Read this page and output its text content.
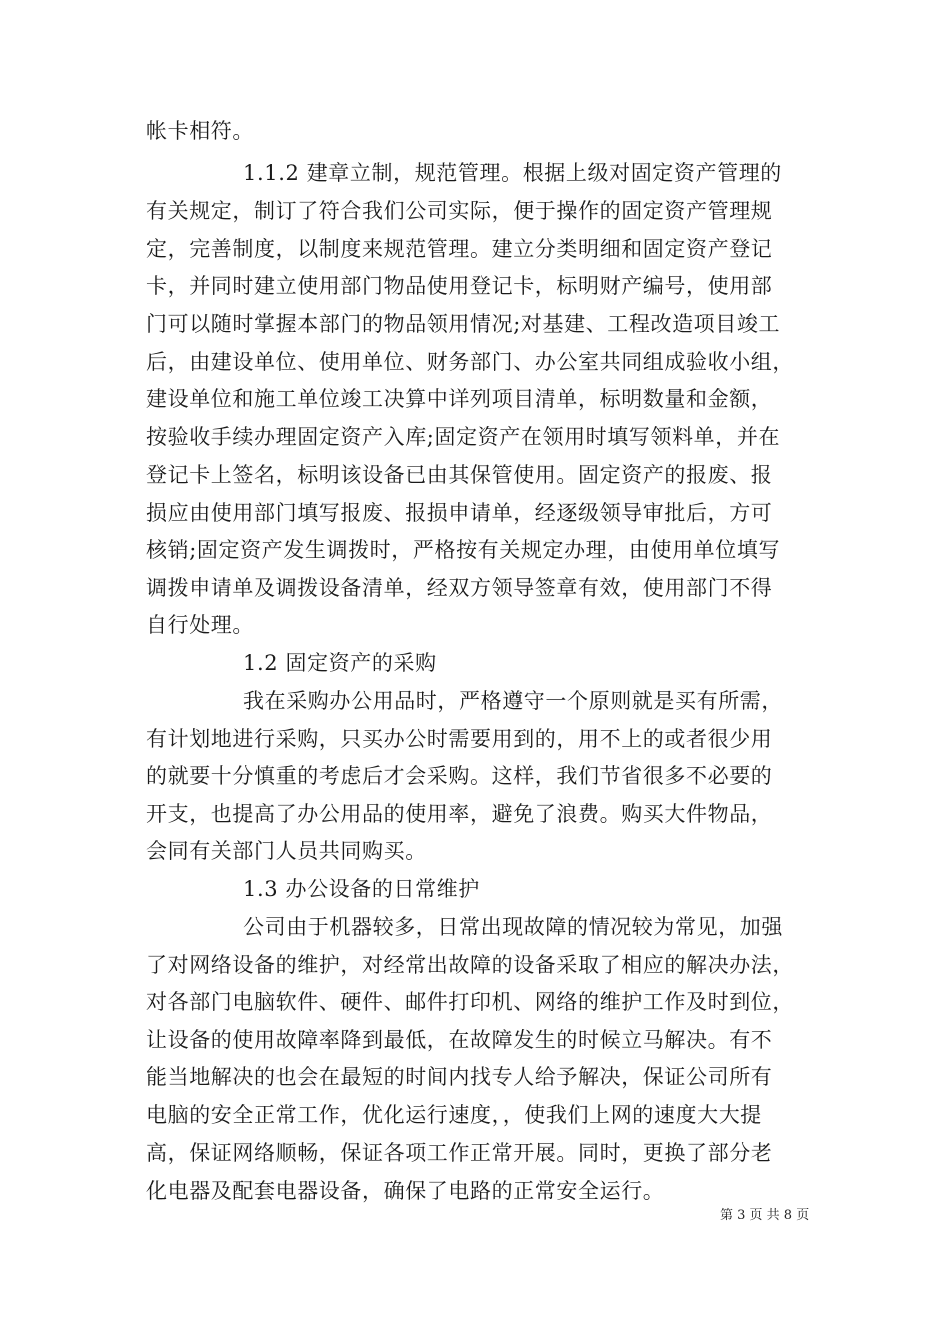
帐卡相符。
1.1.2 建章立制，规范管理。根据上级对固定资产管理的
有关规定，制订了符合我们公司实际，便于操作的固定资产管理规
定，完善制度，以制度来规范管理。建立分类明细和固定资产登记
卡，并同时建立使用部门物品使用登记卡，标明财产编号，使用部
门可以随时掌握本部门的物品领用情况;对基建、工程改造项目竣工
后，由建设单位、使用单位、财务部门、办公室共同组成验收小组，
建设单位和施工单位竣工决算中详列项目清单，标明数量和金额，
按验收手续办理固定资产入库;固定资产在领用时填写领料单，并在
登记卡上签名，标明该设备已由其保管使用。固定资产的报废、报
损应由使用部门填写报废、报损申请单，经逐级领导审批后，方可
核销;固定资产发生调拨时，严格按有关规定办理，由使用单位填写
调拨申请单及调拨设备清单，经双方领导签章有效，使用部门不得
自行处理。
1.2 固定资产的采购
我在采购办公用品时，严格遵守一个原则就是买有所需，
有计划地进行采购，只买办公时需要用到的，用不上的或者很少用
的就要十分慎重的考虑后才会采购。这样，我们节省很多不必要的
开支，也提高了办公用品的使用率，避免了浪费。购买大件物品，
会同有关部门人员共同购买。
1.3 办公设备的日常维护
公司由于机器较多，日常出现故障的情况较为常见，加强
了对网络设备的维护，对经常出故障的设备采取了相应的解决办法，
对各部门电脑软件、硬件、邮件打印机、网络的维护工作及时到位，
让设备的使用故障率降到最低，在故障发生的时候立马解决。有不
能当地解决的也会在最短的时间内找专人给予解决，保证公司所有
电脑的安全正常工作，优化运行速度，，使我们上网的速度大大提
高，保证网络顺畅，保证各项工作正常开展。同时，更换了部分老
化电器及配套电器设备，确保了电路的正常安全运行。
第 3 页 共 8 页
